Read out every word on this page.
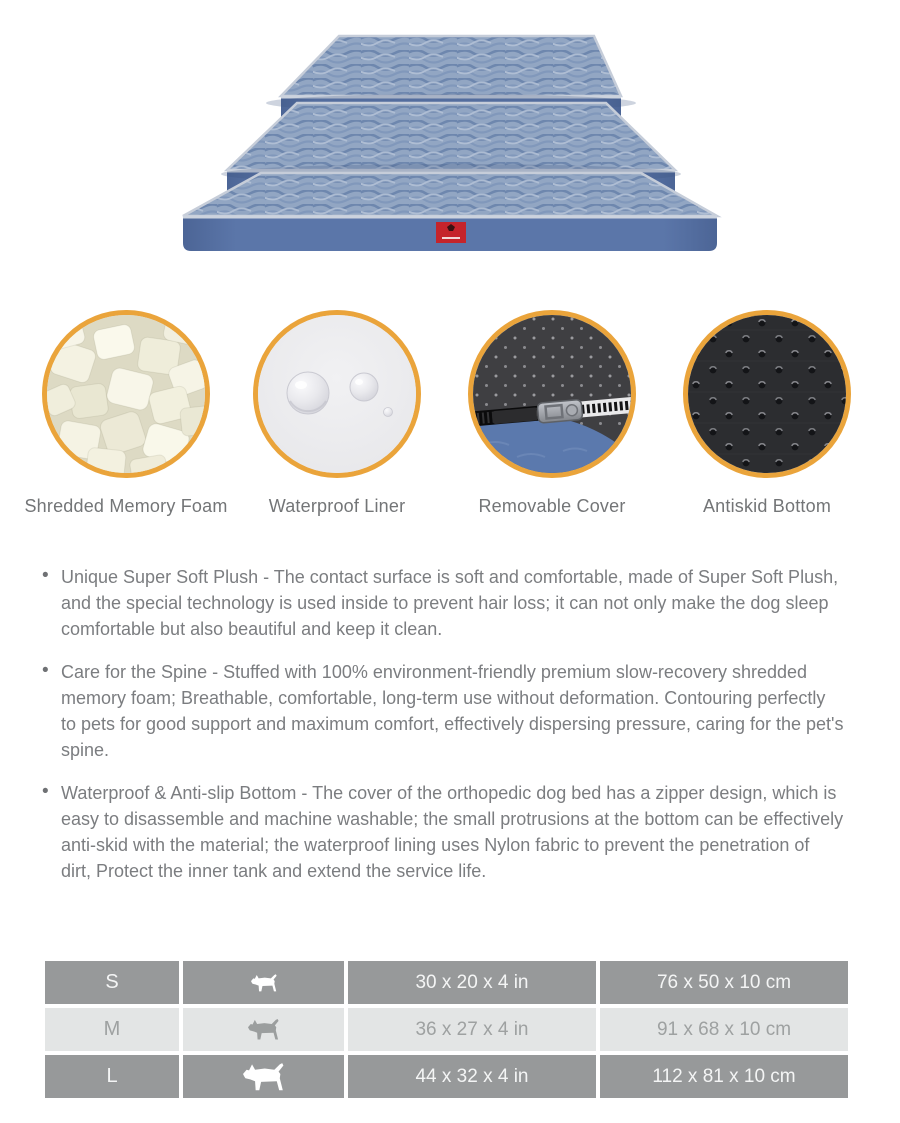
Shredded Memory Foam	Waterproof Liner	Removable Cover	Antiskid Bottom
• Unique Super Soft Plush - The contact surface is soft and comfortable, made of Super Soft Plush, and the special technology is used inside to prevent hair loss; it can not only make the dog sleep comfortable but also beautiful and keep it clean.
• Care for the Spine - Stuffed with 100% environment-friendly premium slow-recovery shredded memory foam; Breathable, comfortable, long-term use without deformation. Contouring perfectly to pets for good support and maximum comfort, effectively dispersing pressure, caring for the pet's spine.
• Waterproof & Anti-slip Bottom - The cover of the orthopedic dog bed has a zipper design, which is easy to disassemble and machine washable; the small protrusions at the bottom can be effectively anti-skid with the material; the waterproof lining uses Nylon fabric to prevent the penetration of dirt, Protect the inner tank and extend the service life.
S	30 x 20 x 4 in	76 x 50 x 10 cm
M	36 x 27 x 4 in	91 x 68 x 10 cm
L	44 x 32 x 4 in	112 x 81 x 10 cm
